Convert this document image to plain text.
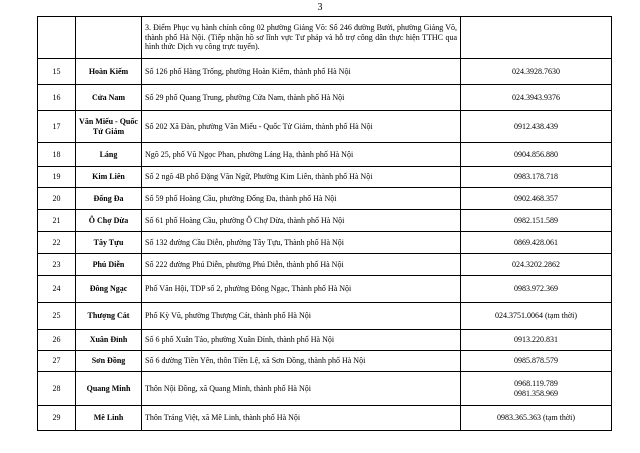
3
		3. Điểm Phục vụ hành chính công 02 phường Giảng Võ: Số 246 đường Bưởi, phường Giảng Võ, thành phố Hà Nội. (Tiếp nhận hồ sơ lĩnh vực Tư pháp và hỗ trợ công dân thực hiện TTHC qua hình thức Dịch vụ công trực tuyến).	
15	Hoàn Kiếm	Số 126 phố Hàng Trống, phường Hoàn Kiếm, thành phố Hà Nội	024.3928.7630
16	Cửa Nam	Số 29 phố Quang Trung, phường Cửa Nam, thành phố Hà Nội	024.3943.9376
17	Văn Miếu - Quốc Tử Giám	Số 202 Xã Đàn, phường Văn Miếu - Quốc Tử Giám, thành phố Hà Nội	0912.438.439
18	Láng	Ngõ 25, phố Vũ Ngọc Phan, phường Láng Hạ, thành phố Hà Nội	0904.856.880
19	Kim Liên	Số 2 ngõ 4B phố Đặng Văn Ngữ, Phường Kim Liên, thành phố Hà Nội	0983.178.718
20	Đống Đa	Số 59 phố Hoàng Cầu, phường Đống Đa, thành phố Hà Nội	0902.468.357
21	Ô Chợ Dừa	Số 61 phố Hoàng Cầu, phường Ô Chợ Dừa, thành phố Hà Nội	0982.151.589
22	Tây Tựu	Số 132 đường Cầu Diễn, phường Tây Tựu, Thành phố Hà Nội	0869.428.061
23	Phú Diễn	Số 222 đường Phú Diễn, phường Phú Diễn, thành phố Hà Nội	024.3202.2862
24	Đông Ngạc	Phố Văn Hội, TDP số 2, phường Đông Ngạc, Thành phố Hà Nội	0983.972.369
25	Thượng Cát	Phố Kỳ Vũ, phường Thượng Cát, thành phố Hà Nội	024.3751.0064 (tạm thời)
26	Xuân Đỉnh	Số 6 phố Xuân Tảo, phường Xuân Đỉnh, thành phố Hà Nội	0913.220.831
27	Sơn Đồng	Số 6 đường Tiền Yên, thôn Tiền Lệ, xã Sơn Đồng, thành phố Hà Nội	0985.878.579
28	Quang Minh	Thôn Nội Đồng, xã Quang Minh, thành phố Hà Nội	0968.119.789
0981.358.969
29	Mê Linh	Thôn Tráng Việt, xã Mê Linh, thành phố Hà Nội	0983.365.363 (tạm thời)
